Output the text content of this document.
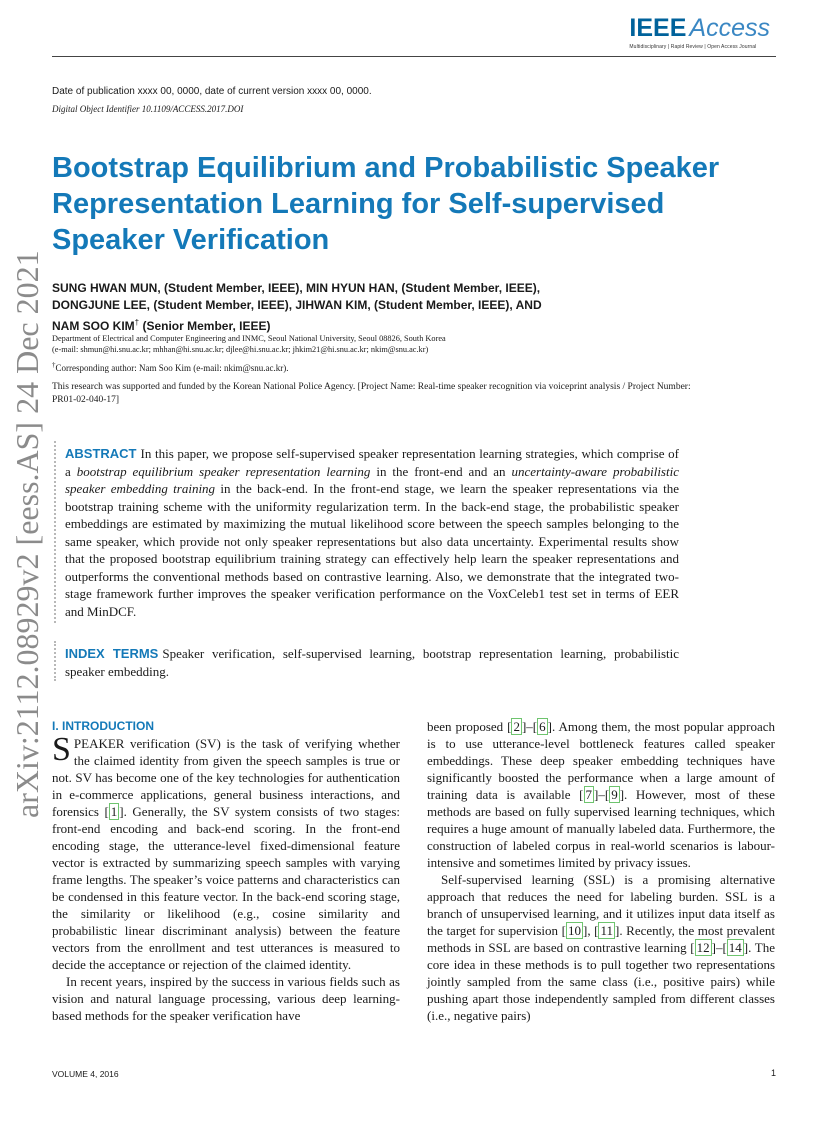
IEEE Access
Multidisciplinary | Rapid Review | Open Access Journal
Date of publication xxxx 00, 0000, date of current version xxxx 00, 0000.
Digital Object Identifier 10.1109/ACCESS.2017.DOI
arXiv:2112.08929v2 [eess.AS] 24 Dec 2021
Bootstrap Equilibrium and Probabilistic Speaker Representation Learning for Self-supervised Speaker Verification
SUNG HWAN MUN, (Student Member, IEEE), MIN HYUN HAN, (Student Member, IEEE),
DONGJUNE LEE, (Student Member, IEEE), JIHWAN KIM, (Student Member, IEEE), AND
NAM SOO KIM† (Senior Member, IEEE)
Department of Electrical and Computer Engineering and INMC, Seoul National University, Seoul 08826, South Korea
(e-mail: shmun@hi.snu.ac.kr; mhhan@hi.snu.ac.kr; djlee@hi.snu.ac.kr; jhkim21@hi.snu.ac.kr; nkim@snu.ac.kr)
†Corresponding author: Nam Soo Kim (e-mail: nkim@snu.ac.kr).
This research was supported and funded by the Korean National Police Agency. [Project Name: Real-time speaker recognition via voiceprint analysis / Project Number: PR01-02-040-17]

ABSTRACT In this paper, we propose self-supervised speaker representation learning strategies, which comprise of a bootstrap equilibrium speaker representation learning in the front-end and an uncertainty-aware probabilistic speaker embedding training in the back-end. In the front-end stage, we learn the speaker representations via the bootstrap training scheme with the uniformity regularization term. In the back-end stage, the probabilistic speaker embeddings are estimated by maximizing the mutual likelihood score between the speech samples belonging to the same speaker, which provide not only speaker representations but also data uncertainty. Experimental results show that the proposed bootstrap equilibrium training strategy can effectively help learn the speaker representations and outperforms the conventional methods based on contrastive learning. Also, we demonstrate that the integrated two-stage framework further improves the speaker verification performance on the VoxCeleb1 test set in terms of EER and MinDCF.

INDEX TERMS Speaker verification, self-supervised learning, bootstrap representation learning, probabilistic speaker embedding.

I. INTRODUCTION

SPEAKER verification (SV) is the task of verifying whether the claimed identity from given the speech samples is true or not. SV has become one of the key technologies for authentication in e-commerce applications, general business interactions, and forensics [ 1 ]. Generally, the SV system consists of two stages: front-end encoding and back-end scoring. In the front-end encoding stage, the utterance-level fixed-dimensional feature vector is extracted by summarizing speech samples with varying frame lengths. The speaker’s voice patterns and characteristics can be condensed in this feature vector. In the back-end scoring stage, the similarity or likelihood (e.g., cosine similarity and probabilistic linear discriminant analysis) between the feature vectors from the enrollment and test utterances is measured to decide the acceptance or rejection of the claimed identity.

In recent years, inspired by the success in various fields such as vision and natural language processing, various deep learning-based methods for the speaker verification have

been proposed [ 2 ]–[ 6 ]. Among them, the most popular approach is to use utterance-level bottleneck features called speaker embeddings. These deep speaker embedding techniques have significantly boosted the performance when a large amount of training data is available [ 7 ]–[ 9 ]. However, most of these methods are based on fully supervised learning techniques, which requires a huge amount of manually labeled data. Furthermore, the construction of labeled corpus in real-world scenarios is labour-intensive and sometimes limited by privacy issues.

Self-supervised learning (SSL) is a promising alternative approach that reduces the need for labeling burden. SSL is a branch of unsupervised learning, and it utilizes input data itself as the target for supervision [ 10 ], [ 11 ]. Recently, the most prevalent methods in SSL are based on contrastive learning [ 12 ]–[ 14 ]. The core idea in these methods is to pull together two representations jointly sampled from the same class (i.e., positive pairs) while pushing apart those independently sampled from different classes (i.e., negative pairs)

VOLUME 4, 2016	1
